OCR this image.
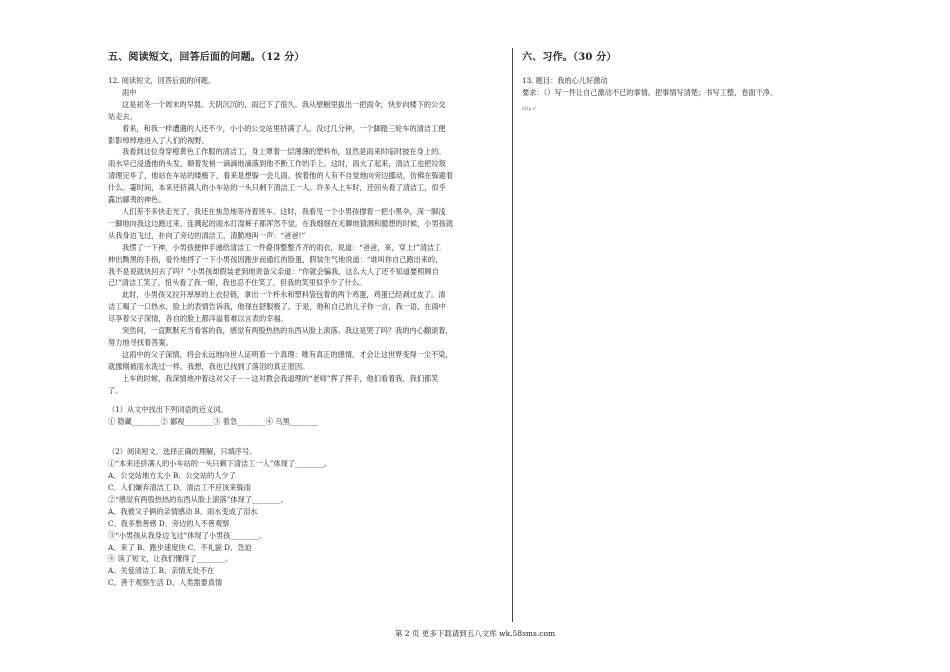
五、阅读短文，回答后面的问题。（12 分）
12. 阅读短文，回答后面的问题。
雨中
这是初冬一个周末的早晨。天阴沉沉的，雨已下了很久。我从壁橱里拔出一把雨伞，快步向楼下的公交
站走去。
看来，和我一样遭遇的人还不少，小小的公交站里挤满了人。没过几分钟，一个脚踏三轮车的清洁工便
影影绰绰地进入了人们的视野。
我看到这位身穿橙黄色工作服的清洁工，身上罩着一层薄薄的塑料布，显然是雨来时临时披在身上的。
雨水早已浸透他的头发，顺着发梢一滴滴地滴落到他不断工作的手上。这时，雨大了起来，清洁工也把垃圾
清理完毕了，他站在车站的矮檐下，看来是想躲一会儿雨。挨着他的人有不自觉地向旁边挪动，仿佛在躲避着
什么。霎时间，本来还挤满人的小车站的一头只剩下清洁工一人。许多人上车时，还回头看了清洁工，似乎
露出鄙夷的神色。
人们差不多快走光了，我还在焦急地等待着班车。这时，我看见一个小男孩撑着一把小黑伞，深一脚浅
一脚地向我这边跑过来，连溅起的雨水打湿裤子都浑然不觉。在我细细在无聊地猜测和臆想的时候，小男孩就
从我身边飞过，扑向了旁边的清洁工，清脆地叫一声：“爸爸!”
我愣了一下神，小男孩便伸手递给清洁工一件叠得整整齐齐的雨衣，说道：“爸爸，来，穿上!”清洁工
伸出黝黑的手指，爱怜地捋了一下小男孩因跑步而通红的脸蛋，假装生气地说道：“谁叫你自己跑出来的，
我不是说就快回去了吗？”小男孩却假装老到地责备父亲道：“你就会骗我，这么大人了还不知道要照顾自
己!”清洁工笑了，扭头看了我一眼，我也忍不住笑了，但我的笑里似乎少了什么。
此时，小男孩又拉开厚厚的上衣拉链，拿出一个杯水和塑料袋包着的两个鸡蛋，鸡蛋已经剥过皮了。清
洁工喝了一口热水，脸上的表情告诉我，他现在舒服极了。于是，他和自己的儿子你一言，我一语，在雨中
尽享着父子深情，各自的脸上都洋溢着难以言表的幸福。
突然间，一直默默充当看客的我，感觉有两股热热的东西从脸上滚落。我这是哭了吗？我的内心翻滚着，
努力地寻找着答案。
这雨中的父子深情，将会永远地向世人证明着一个真理：唯有真正的感情，才会让这世界变得一尘不染，
就像刚被雨水洗过一样。我想，我也已找到了落泪的真正原因。
上车的时候，我深情地冲着这对父子－－这对教会我道理的“老师”挥了挥手，他们看着我，我们都笑
了。
（1）从文中找出下列词语的近义词。
① 隐藏________② 鄙视________③ 着急________④ 乌黑________
（2）阅读短文，选择正确的理解，只填序号。
①“本来还挤满人的小车站的一头只剩下清洁工一人”体现了________。
A、公交站地方太小 B、公交站的人少了
C、人们嫌弃清洁工 D、清洁工不应该来躲雨
②“感觉有两股热热的东西从脸上滚落”体现了________。
A、我被父子俩的亲情感动 B、雨水变成了泪水
C、我多愁善感 D、旁边的人不善观察
③“小男孩从我身边飞过”体现了小男孩________。
A、来了 B、跑步速度快 C、不礼貌 D、急迫
④ 读了短文，让我们懂得了________。
A、关爱清洁工 B、亲情无处不在
C、善于观察生活 D、人类需要真情
六、习作。（30 分）
13. 题目：我的心儿好激动
要求：（）写一件让自己激动不已的事情。把事情写清楚；书写工整，卷面干净。
http://
第 2 页 更多下载请到五八文库 wk.58sms.com
